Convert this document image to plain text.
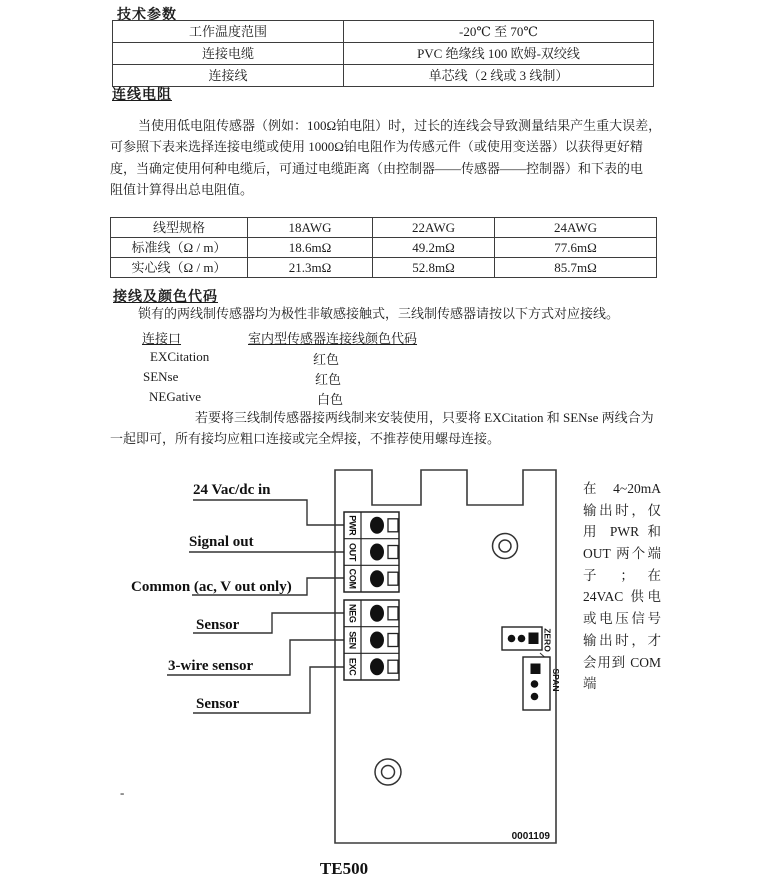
技术参数
工作温度范围	-20℃ 至 70℃
连接电缆	PVC 绝缘线 100 欧姆-双绞线
连接线	单芯线（2 线或 3 线制）
连线电阻
当使用低电阻传感器（例如：100Ω铂电阻）时，过长的连线会导致测量结果产生重大误差，
可参照下表来选择连接电缆或使用 1000Ω铂电阻作为传感元件（或使用变送器）以获得更好精
度，当确定使用何种电缆后，可通过电缆距离（由控制器——传感器——控制器）和下表的电
阻值计算得出总电阻值。
线型规格	18AWG	22AWG	24AWG
标准线（Ω / m）	18.6mΩ	49.2mΩ	77.6mΩ
实心线（Ω / m）	21.3mΩ	52.8mΩ	85.7mΩ
接线及颜色代码
锁有的两线制传感器均为极性非敏感接触式，三线制传感器请按以下方式对应接线。
连接口	室内型传感器连接线颜色代码
EXCitation	红色
SENse	红色
NEGative	白色
若要将三线制传感器接两线制来安装使用，只要将 EXCitation 和 SENse 两线合为
一起即可，所有接均应粗口连接或完全焊接，不推荐使用螺母连接。
24 Vac/dc in
Signal out
Common (ac, V out only)
Sensor
3-wire sensor
Sensor
PWR
OUT
COM
NEG
SEN
EXC
ZERO
SPAN
0001109
TE500
在 4~20mA
输出时，仅
用 PWR 和
OUT 两个端
子 ； 在
24VAC 供电
或电压信号
输出时，才
会用到 COM
端
-
